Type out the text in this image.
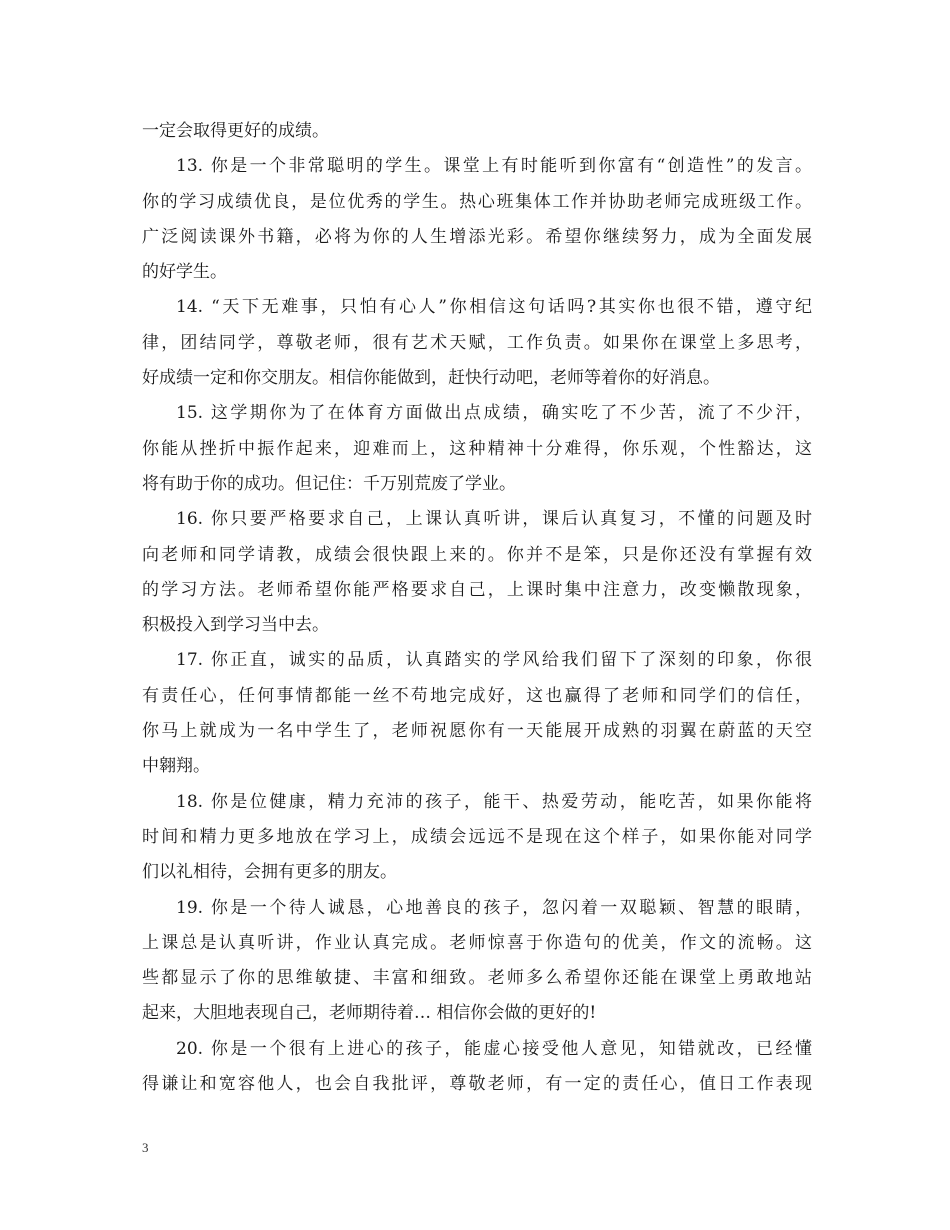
一定会取得更好的成绩。
13. 你是一个非常聪明的学生。课堂上有时能听到你富有“创造性”的发言。
你的学习成绩优良，是位优秀的学生。热心班集体工作并协助老师完成班级工作。
广泛阅读课外书籍，必将为你的人生增添光彩。希望你继续努力，成为全面发展
的好学生。
14. “天下无难事，只怕有心人”你相信这句话吗?其实你也很不错，遵守纪
律，团结同学，尊敬老师，很有艺术天赋，工作负责。如果你在课堂上多思考，
好成绩一定和你交朋友。相信你能做到，赶快行动吧，老师等着你的好消息。
15. 这学期你为了在体育方面做出点成绩，确实吃了不少苦，流了不少汗，
你能从挫折中振作起来，迎难而上，这种精神十分难得，你乐观，个性豁达，这
将有助于你的成功。但记住：千万别荒废了学业。
16. 你只要严格要求自己，上课认真听讲，课后认真复习，不懂的问题及时
向老师和同学请教，成绩会很快跟上来的。你并不是笨，只是你还没有掌握有效
的学习方法。老师希望你能严格要求自己，上课时集中注意力，改变懒散现象，
积极投入到学习当中去。
17. 你正直，诚实的品质，认真踏实的学风给我们留下了深刻的印象，你很
有责任心，任何事情都能一丝不苟地完成好，这也赢得了老师和同学们的信任，
你马上就成为一名中学生了，老师祝愿你有一天能展开成熟的羽翼在蔚蓝的天空
中翱翔。
18. 你是位健康，精力充沛的孩子，能干、热爱劳动，能吃苦，如果你能将
时间和精力更多地放在学习上，成绩会远远不是现在这个样子，如果你能对同学
们以礼相待，会拥有更多的朋友。
19. 你是一个待人诚恳，心地善良的孩子，忽闪着一双聪颖、智慧的眼睛，
上课总是认真听讲，作业认真完成。老师惊喜于你造句的优美，作文的流畅。这
些都显示了你的思维敏捷、丰富和细致。老师多么希望你还能在课堂上勇敢地站
起来，大胆地表现自己，老师期待着… 相信你会做的更好的!
20. 你是一个很有上进心的孩子，能虚心接受他人意见，知错就改，已经懂
得谦让和宽容他人，也会自我批评，尊敬老师，有一定的责任心，值日工作表现
3
